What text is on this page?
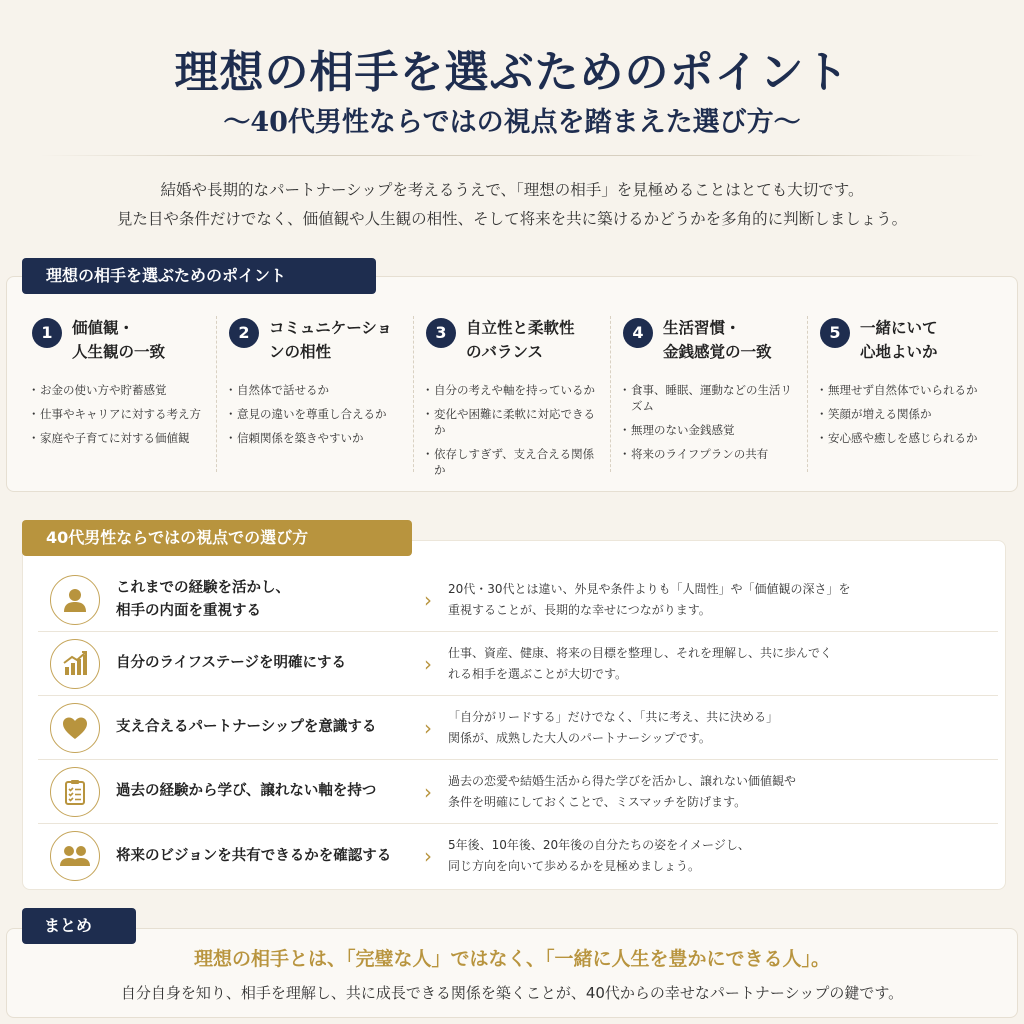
理想の相手を選ぶためのポイント
〜40代男性ならではの視点を踏まえた選び方〜
結婚や長期的なパートナーシップを考えるうえで、「理想の相手」を見極めることはとても大切です。
見た目や条件だけでなく、価値観や人生観の相性、そして将来を共に築けるかどうかを多角的に判断しましょう。
理想の相手を選ぶためのポイント
1	価値観・
人生観の一致
・ お金の使い方や貯蓄感覚
・ 仕事やキャリアに対する考え方
・ 家庭や子育てに対する価値観
2	コミュニケーショ
ンの相性
・ 自然体で話せるか
・ 意見の違いを尊重し合えるか
・ 信頼関係を築きやすいか
3	自立性と柔軟性
のバランス
・ 自分の考えや軸を持っているか
・ 変化や困難に柔軟に対応できるか
・ 依存しすぎず、支え合える関係か
4	生活習慣・
金銭感覚の一致
・ 食事、睡眠、運動などの生活リズム
・ 無理のない金銭感覚
・ 将来のライフプランの共有
5	一緒にいて
心地よいか
・ 無理せず自然体でいられるか
・ 笑顔が増える関係か
・ 安心感や癒しを感じられるか
40代男性ならではの視点での選び方
これまでの経験を活かし、
相手の内面を重視する	›	20代・30代とは違い、外見や条件よりも「人間性」や「価値観の深さ」を
重視することが、長期的な幸せにつながります。
自分のライフステージを明確にする	›	仕事、資産、健康、将来の目標を整理し、それを理解し、共に歩んでく
れる相手を選ぶことが大切です。
支え合えるパートナーシップを意識する	›	「自分がリードする」だけでなく、「共に考え、共に決める」
関係が、成熟した大人のパートナーシップです。
過去の経験から学び、譲れない軸を持つ	›	過去の恋愛や結婚生活から得た学びを活かし、譲れない価値観や
条件を明確にしておくことで、ミスマッチを防げます。
将来のビジョンを共有できるかを確認する	›	5年後、10年後、20年後の自分たちの姿をイメージし、
同じ方向を向いて歩めるかを見極めましょう。
まとめ
理想の相手とは、「完璧な人」ではなく、「一緒に人生を豊かにできる人」。
自分自身を知り、相手を理解し、共に成長できる関係を築くことが、40代からの幸せなパートナーシップの鍵です。
